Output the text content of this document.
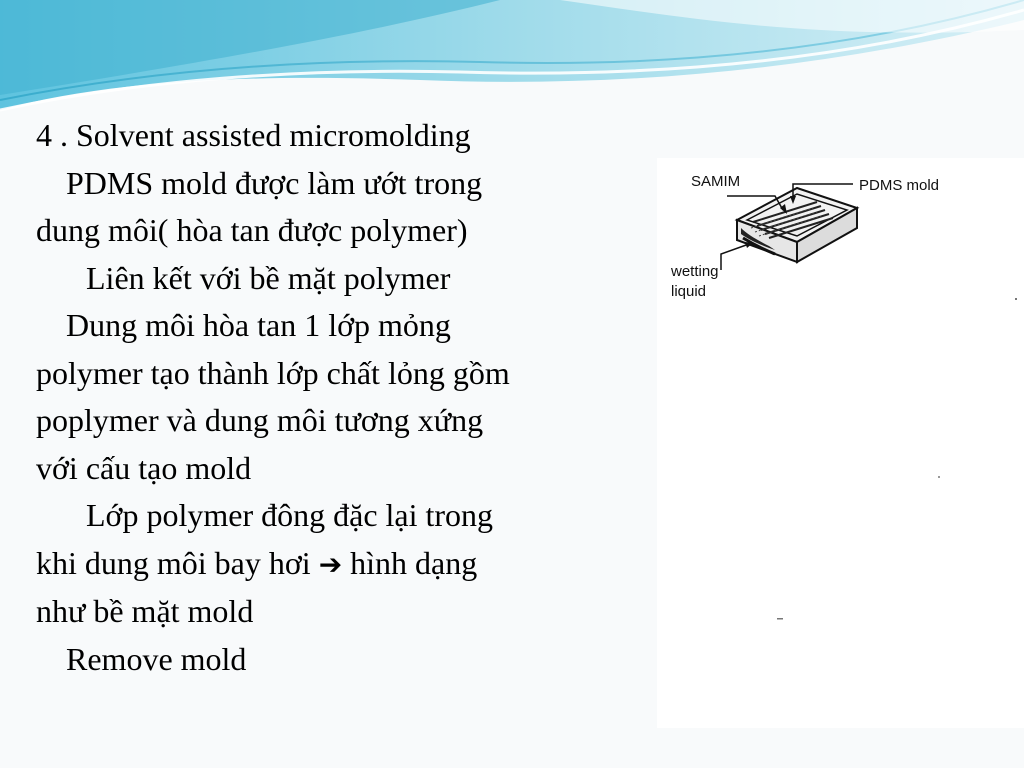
4 . Solvent assisted micromolding
PDMS mold được làm ướt trong
dung môi( hòa tan được polymer)
Liên kết với bề mặt polymer
Dung môi hòa tan 1 lớp mỏng
polymer tạo thành lớp chất lỏng gồm
poplymer và dung môi tương xứng
với cấu tạo mold
Lớp polymer đông đặc lại trong
khi dung môi bay hơi ➔ hình dạng
như bề mặt mold
Remove mold
SAMIM	PDMS mold
wetting
liquid
